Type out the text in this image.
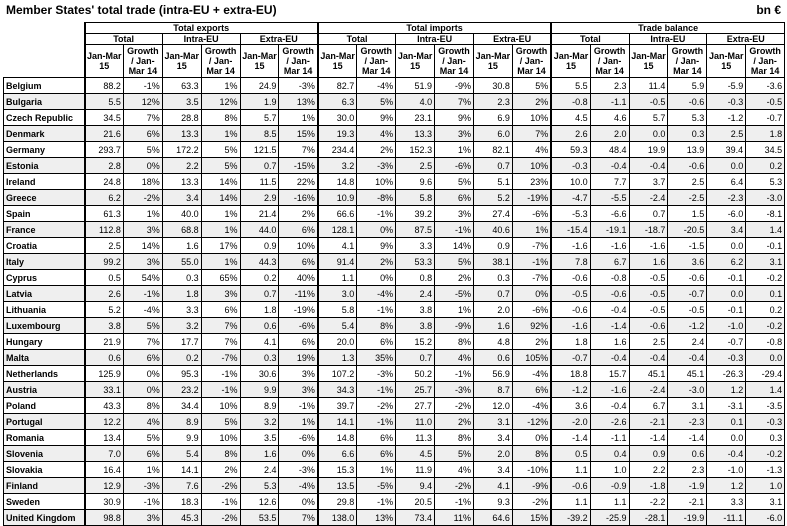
Member States' total trade (intra-EU + extra-EU)	bn €
	Total exports						Total imports						Trade balance					
	Total		Intra-EU		Extra-EU		Total		Intra-EU		Extra-EU		Total		Intra-EU		Extra-EU	
	Jan-Mar 15	Growth / Jan-Mar 14	Jan-Mar 15	Growth / Jan-Mar 14	Jan-Mar 15	Growth / Jan-Mar 14	Jan-Mar 15	Growth / Jan-Mar 14	Jan-Mar 15	Growth / Jan-Mar 14	Jan-Mar 15	Growth / Jan-Mar 14	Jan-Mar 15	Growth / Jan-Mar 14	Jan-Mar 15	Growth / Jan-Mar 14	Jan-Mar 15	Growth / Jan-Mar 14
Belgium	88.2	-1%	63.3	1%	24.9	-3%	82.7	-4%	51.9	-9%	30.8	5%	5.5	2.3	11.4	5.9	-5.9	-3.6
Bulgaria	5.5	12%	3.5	12%	1.9	13%	6.3	5%	4.0	7%	2.3	2%	-0.8	-1.1	-0.5	-0.6	-0.3	-0.5
Czech Republic	34.5	7%	28.8	8%	5.7	1%	30.0	9%	23.1	9%	6.9	10%	4.5	4.6	5.7	5.3	-1.2	-0.7
Denmark	21.6	6%	13.3	1%	8.5	15%	19.3	4%	13.3	3%	6.0	7%	2.6	2.0	0.0	0.3	2.5	1.8
Germany	293.7	5%	172.2	5%	121.5	7%	234.4	2%	152.3	1%	82.1	4%	59.3	48.4	19.9	13.9	39.4	34.5
Estonia	2.8	0%	2.2	5%	0.7	-15%	3.2	-3%	2.5	-6%	0.7	10%	-0.3	-0.4	-0.4	-0.6	0.0	0.2
Ireland	24.8	18%	13.3	14%	11.5	22%	14.8	10%	9.6	5%	5.1	23%	10.0	7.7	3.7	2.5	6.4	5.3
Greece	6.2	-2%	3.4	14%	2.9	-16%	10.9	-8%	5.8	6%	5.2	-19%	-4.7	-5.5	-2.4	-2.5	-2.3	-3.0
Spain	61.3	1%	40.0	1%	21.4	2%	66.6	-1%	39.2	3%	27.4	-6%	-5.3	-6.6	0.7	1.5	-6.0	-8.1
France	112.8	3%	68.8	1%	44.0	6%	128.1	0%	87.5	-1%	40.6	1%	-15.4	-19.1	-18.7	-20.5	3.4	1.4
Croatia	2.5	14%	1.6	17%	0.9	10%	4.1	9%	3.3	14%	0.9	-7%	-1.6	-1.6	-1.6	-1.5	0.0	-0.1
Italy	99.2	3%	55.0	1%	44.3	6%	91.4	2%	53.3	5%	38.1	-1%	7.8	6.7	1.6	3.6	6.2	3.1
Cyprus	0.5	54%	0.3	65%	0.2	40%	1.1	0%	0.8	2%	0.3	-7%	-0.6	-0.8	-0.5	-0.6	-0.1	-0.2
Latvia	2.6	-1%	1.8	3%	0.7	-11%	3.0	-4%	2.4	-5%	0.7	0%	-0.5	-0.6	-0.5	-0.7	0.0	0.1
Lithuania	5.2	-4%	3.3	6%	1.8	-19%	5.8	-1%	3.8	1%	2.0	-6%	-0.6	-0.4	-0.5	-0.5	-0.1	0.2
Luxembourg	3.8	5%	3.2	7%	0.6	-6%	5.4	8%	3.8	-9%	1.6	92%	-1.6	-1.4	-0.6	-1.2	-1.0	-0.2
Hungary	21.9	7%	17.7	7%	4.1	6%	20.0	6%	15.2	8%	4.8	2%	1.8	1.6	2.5	2.4	-0.7	-0.8
Malta	0.6	6%	0.2	-7%	0.3	19%	1.3	35%	0.7	4%	0.6	105%	-0.7	-0.4	-0.4	-0.4	-0.3	0.0
Netherlands	125.9	0%	95.3	-1%	30.6	3%	107.2	-3%	50.2	-1%	56.9	-4%	18.8	15.7	45.1	45.1	-26.3	-29.4
Austria	33.1	0%	23.2	-1%	9.9	3%	34.3	-1%	25.7	-3%	8.7	6%	-1.2	-1.6	-2.4	-3.0	1.2	1.4
Poland	43.3	8%	34.4	10%	8.9	-1%	39.7	-2%	27.7	-2%	12.0	-4%	3.6	-0.4	6.7	3.1	-3.1	-3.5
Portugal	12.2	4%	8.9	5%	3.2	1%	14.1	-1%	11.0	2%	3.1	-12%	-2.0	-2.6	-2.1	-2.3	0.1	-0.3
Romania	13.4	5%	9.9	10%	3.5	-6%	14.8	6%	11.3	8%	3.4	0%	-1.4	-1.1	-1.4	-1.4	0.0	0.3
Slovenia	7.0	6%	5.4	8%	1.6	0%	6.6	6%	4.5	5%	2.0	8%	0.5	0.4	0.9	0.6	-0.4	-0.2
Slovakia	16.4	1%	14.1	2%	2.4	-3%	15.3	1%	11.9	4%	3.4	-10%	1.1	1.0	2.2	2.3	-1.0	-1.3
Finland	12.9	-3%	7.6	-2%	5.3	-4%	13.5	-5%	9.4	-2%	4.1	-9%	-0.6	-0.9	-1.8	-1.9	1.2	1.0
Sweden	30.9	-1%	18.3	-1%	12.6	0%	29.8	-1%	20.5	-1%	9.3	-2%	1.1	1.1	-2.2	-2.1	3.3	3.1
United Kingdom	98.8	3%	45.3	-2%	53.5	7%	138.0	13%	73.4	11%	64.6	15%	-39.2	-25.9	-28.1	-19.9	-11.1	-6.0
